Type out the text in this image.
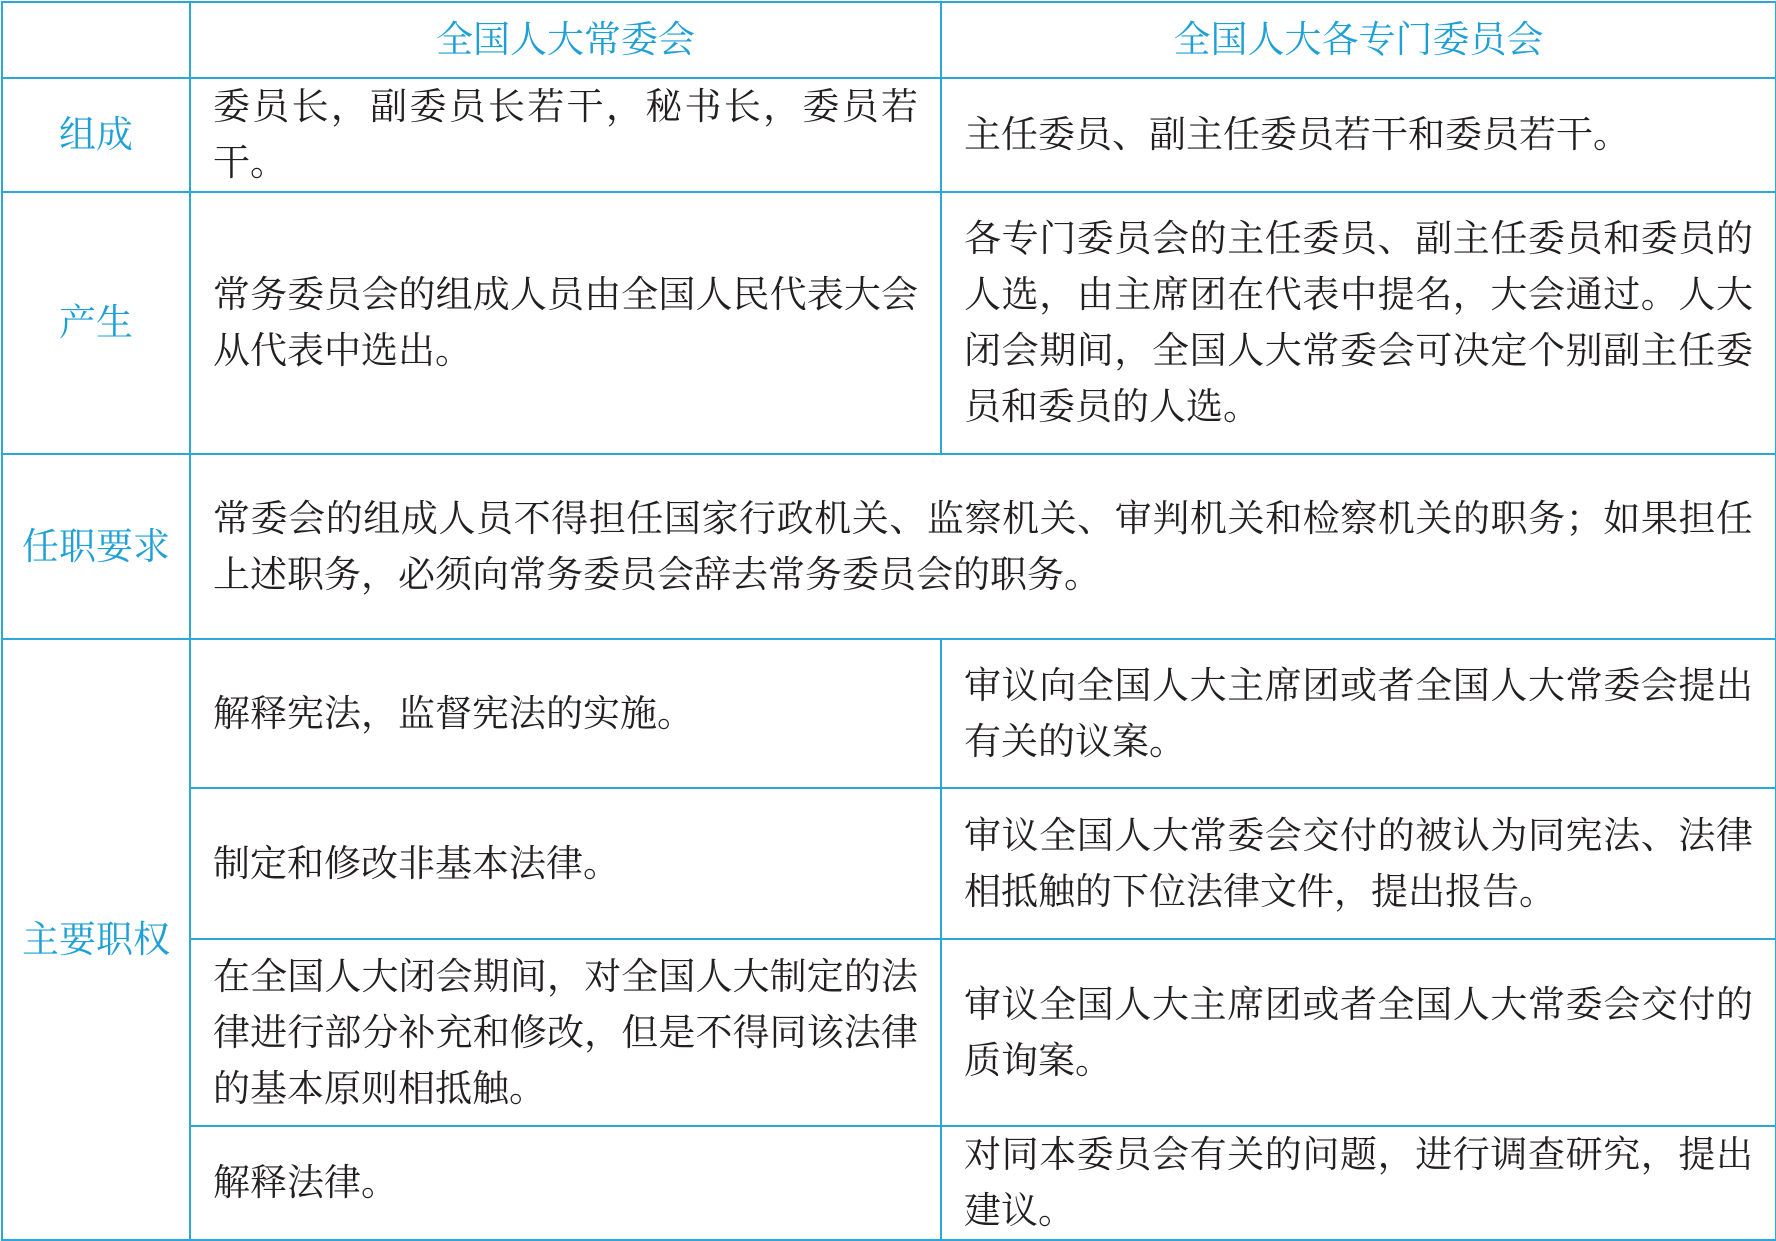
	全国人大常委会	全国人大各专门委员会
组成	委员长，副委员长若干，秘书长，委员若干。	主任委员、副主任委员若干和委员若干。
产生	常务委员会的组成人员由全国人民代表大会从代表中选出。	各专门委员会的主任委员、副主任委员和委员的人选，由主席团在代表中提名，大会通过。人大闭会期间，全国人大常委会可决定个别副主任委员和委员的人选。
任职要求	常委会的组成人员不得担任国家行政机关、监察机关、审判机关和检察机关的职务；如果担任上述职务，必须向常务委员会辞去常务委员会的职务。	
主要职权	解释宪法，监督宪法的实施。	审议向全国人大主席团或者全国人大常委会提出有关的议案。
	制定和修改非基本法律。	审议全国人大常委会交付的被认为同宪法、法律相抵触的下位法律文件，提出报告。
	在全国人大闭会期间，对全国人大制定的法律进行部分补充和修改，但是不得同该法律的基本原则相抵触。	审议全国人大主席团或者全国人大常委会交付的质询案。
	解释法律。	对同本委员会有关的问题，进行调查研究，提出建议。
